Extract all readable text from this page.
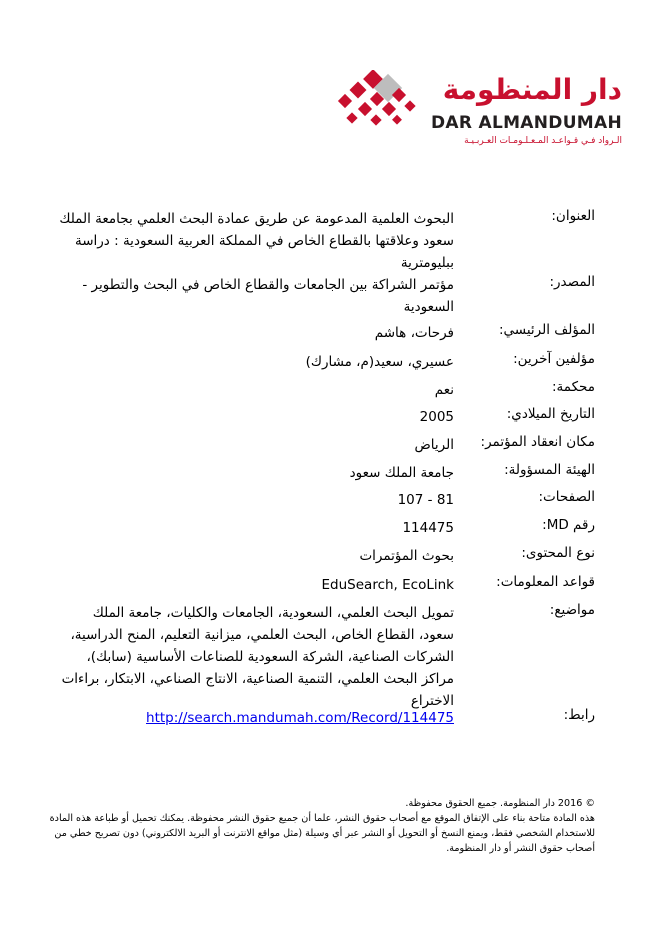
دار المنظومة
DAR ALMANDUMAH
الـرواد فـي قـواعـد المـعـلـومـات العـربـيـة
العنوان:
البحوث العلمية المدعومة عن طريق عمادة البحث العلمي بجامعة الملك سعود وعلاقتها بالقطاع الخاص في المملكة العربية السعودية : دراسة ببليومترية
المصدر:
مؤتمر الشراكة بين الجامعات والقطاع الخاص في البحث والتطوير - السعودية
المؤلف الرئيسي:
فرحات، هاشم
مؤلفين آخرين:
عسيري، سعيد(م، مشارك)
محكمة:
نعم
التاريخ الميلادي:
2005
مكان انعقاد المؤتمر:
الرياض
الهيئة المسؤولة:
جامعة الملك سعود
الصفحات:
81 - 107
رقم MD:
114475
نوع المحتوى:
بحوث المؤتمرات
قواعد المعلومات:
EduSearch, EcoLink
مواضيع:
تمويل البحث العلمي، السعودية، الجامعات والكليات، جامعة الملك سعود، القطاع الخاص، البحث العلمي، ميزانية التعليم، المنح الدراسية، الشركات الصناعية، الشركة السعودية للصناعات الأساسية (سابك)، مراكز البحث العلمي، التنمية الصناعية، الانتاج الصناعي، الابتكار، براءات الاختراع
رابط:
http://search.mandumah.com/Record/114475
© 2016 دار المنظومة. جميع الحقوق محفوظة.
هذه المادة متاحة بناء على الإتفاق الموقع مع أصحاب حقوق النشر، علما أن جميع حقوق النشر محفوظة. يمكنك تحميل أو طباعة هذه المادة للاستخدام الشخصي فقط، ويمنع النسخ أو التحويل أو النشر عبر أي وسيلة (مثل مواقع الانترنت أو البريد الالكتروني) دون تصريح خطي من أصحاب حقوق النشر أو دار المنظومة.
